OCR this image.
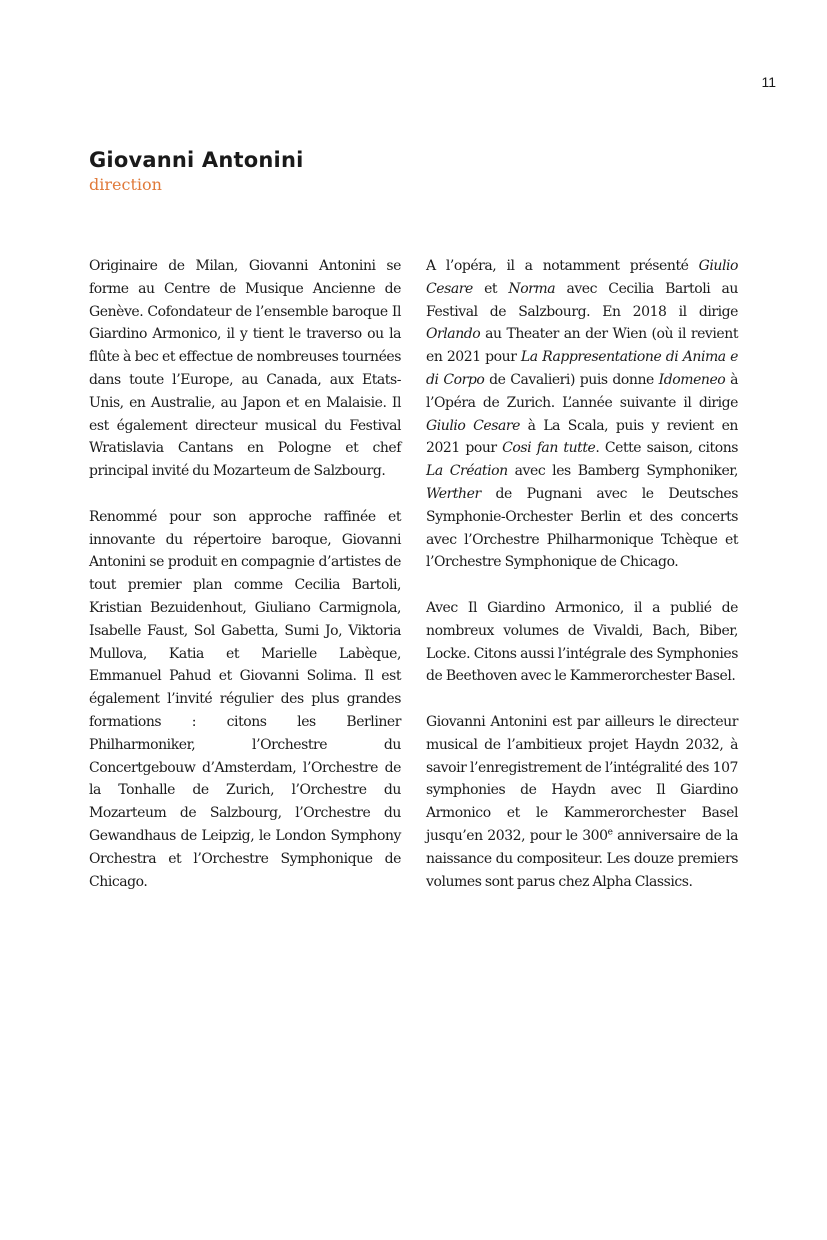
11
Giovanni Antonini
direction

Originaire de Milan, Giovanni Antonini se forme au Centre de Musique Ancienne de Genève. Cofondateur de l’ensemble baroque Il Giardino Armonico, il y tient le traverso ou la flûte à bec et effectue de nombreuses tournées dans toute l’Europe, au Canada, aux Etats-Unis, en Australie, au Japon et en Malaisie. Il est également directeur musical du Festival Wratislavia Cantans en Pologne et chef principal invité du Mozarteum de Salzbourg.

Renommé pour son approche raffinée et innovante du répertoire baroque, Giovanni Antonini se produit en compagnie d’artistes de tout premier plan comme Cecilia Bartoli, Kristian Bezuidenhout, Giuliano Carmignola, Isabelle Faust, Sol Gabetta, Sumi Jo, Viktoria Mullova, Katia et Marielle Labèque, Emmanuel Pahud et Giovanni Solima. Il est également l’invité régulier des plus grandes formations : citons les Berliner Philharmoniker, l’Orchestre du Concertgebouw d’Amsterdam, l’Orchestre de la Tonhalle de Zurich, l’Orchestre du Mozarteum de Salzbourg, l’Orchestre du Gewandhaus de Leipzig, le London Symphony Orchestra et l’Orchestre Symphonique de Chicago.

A l’opéra, il a notamment présenté Giulio Cesare et Norma avec Cecilia Bartoli au Festival de Salzbourg. En 2018 il dirige Orlando au Theater an der Wien (où il revient en 2021 pour La Rappresentatione di Anima e di Corpo de Cavalieri) puis donne Idomeneo à l’Opéra de Zurich. L’année suivante il dirige Giulio Cesare à La Scala, puis y revient en 2021 pour Cosi fan tutte. Cette saison, citons La Création avec les Bamberg Symphoniker, Werther de Pugnani avec le Deutsches Symphonie-Orchester Berlin et des concerts avec l’Orchestre Philharmonique Tchèque et l’Orchestre Symphonique de Chicago.

Avec Il Giardino Armonico, il a publié de nombreux volumes de Vivaldi, Bach, Biber, Locke. Citons aussi l’intégrale des Symphonies de Beethoven avec le Kammerorchester Basel.

Giovanni Antonini est par ailleurs le directeur musical de l’ambitieux projet Haydn 2032, à savoir l’enregistrement de l’intégralité des 107 symphonies de Haydn avec Il Giardino Armonico et le Kammerorchester Basel jusqu’en 2032, pour le 300e anniversaire de la naissance du compositeur. Les douze premiers volumes sont parus chez Alpha Classics.
